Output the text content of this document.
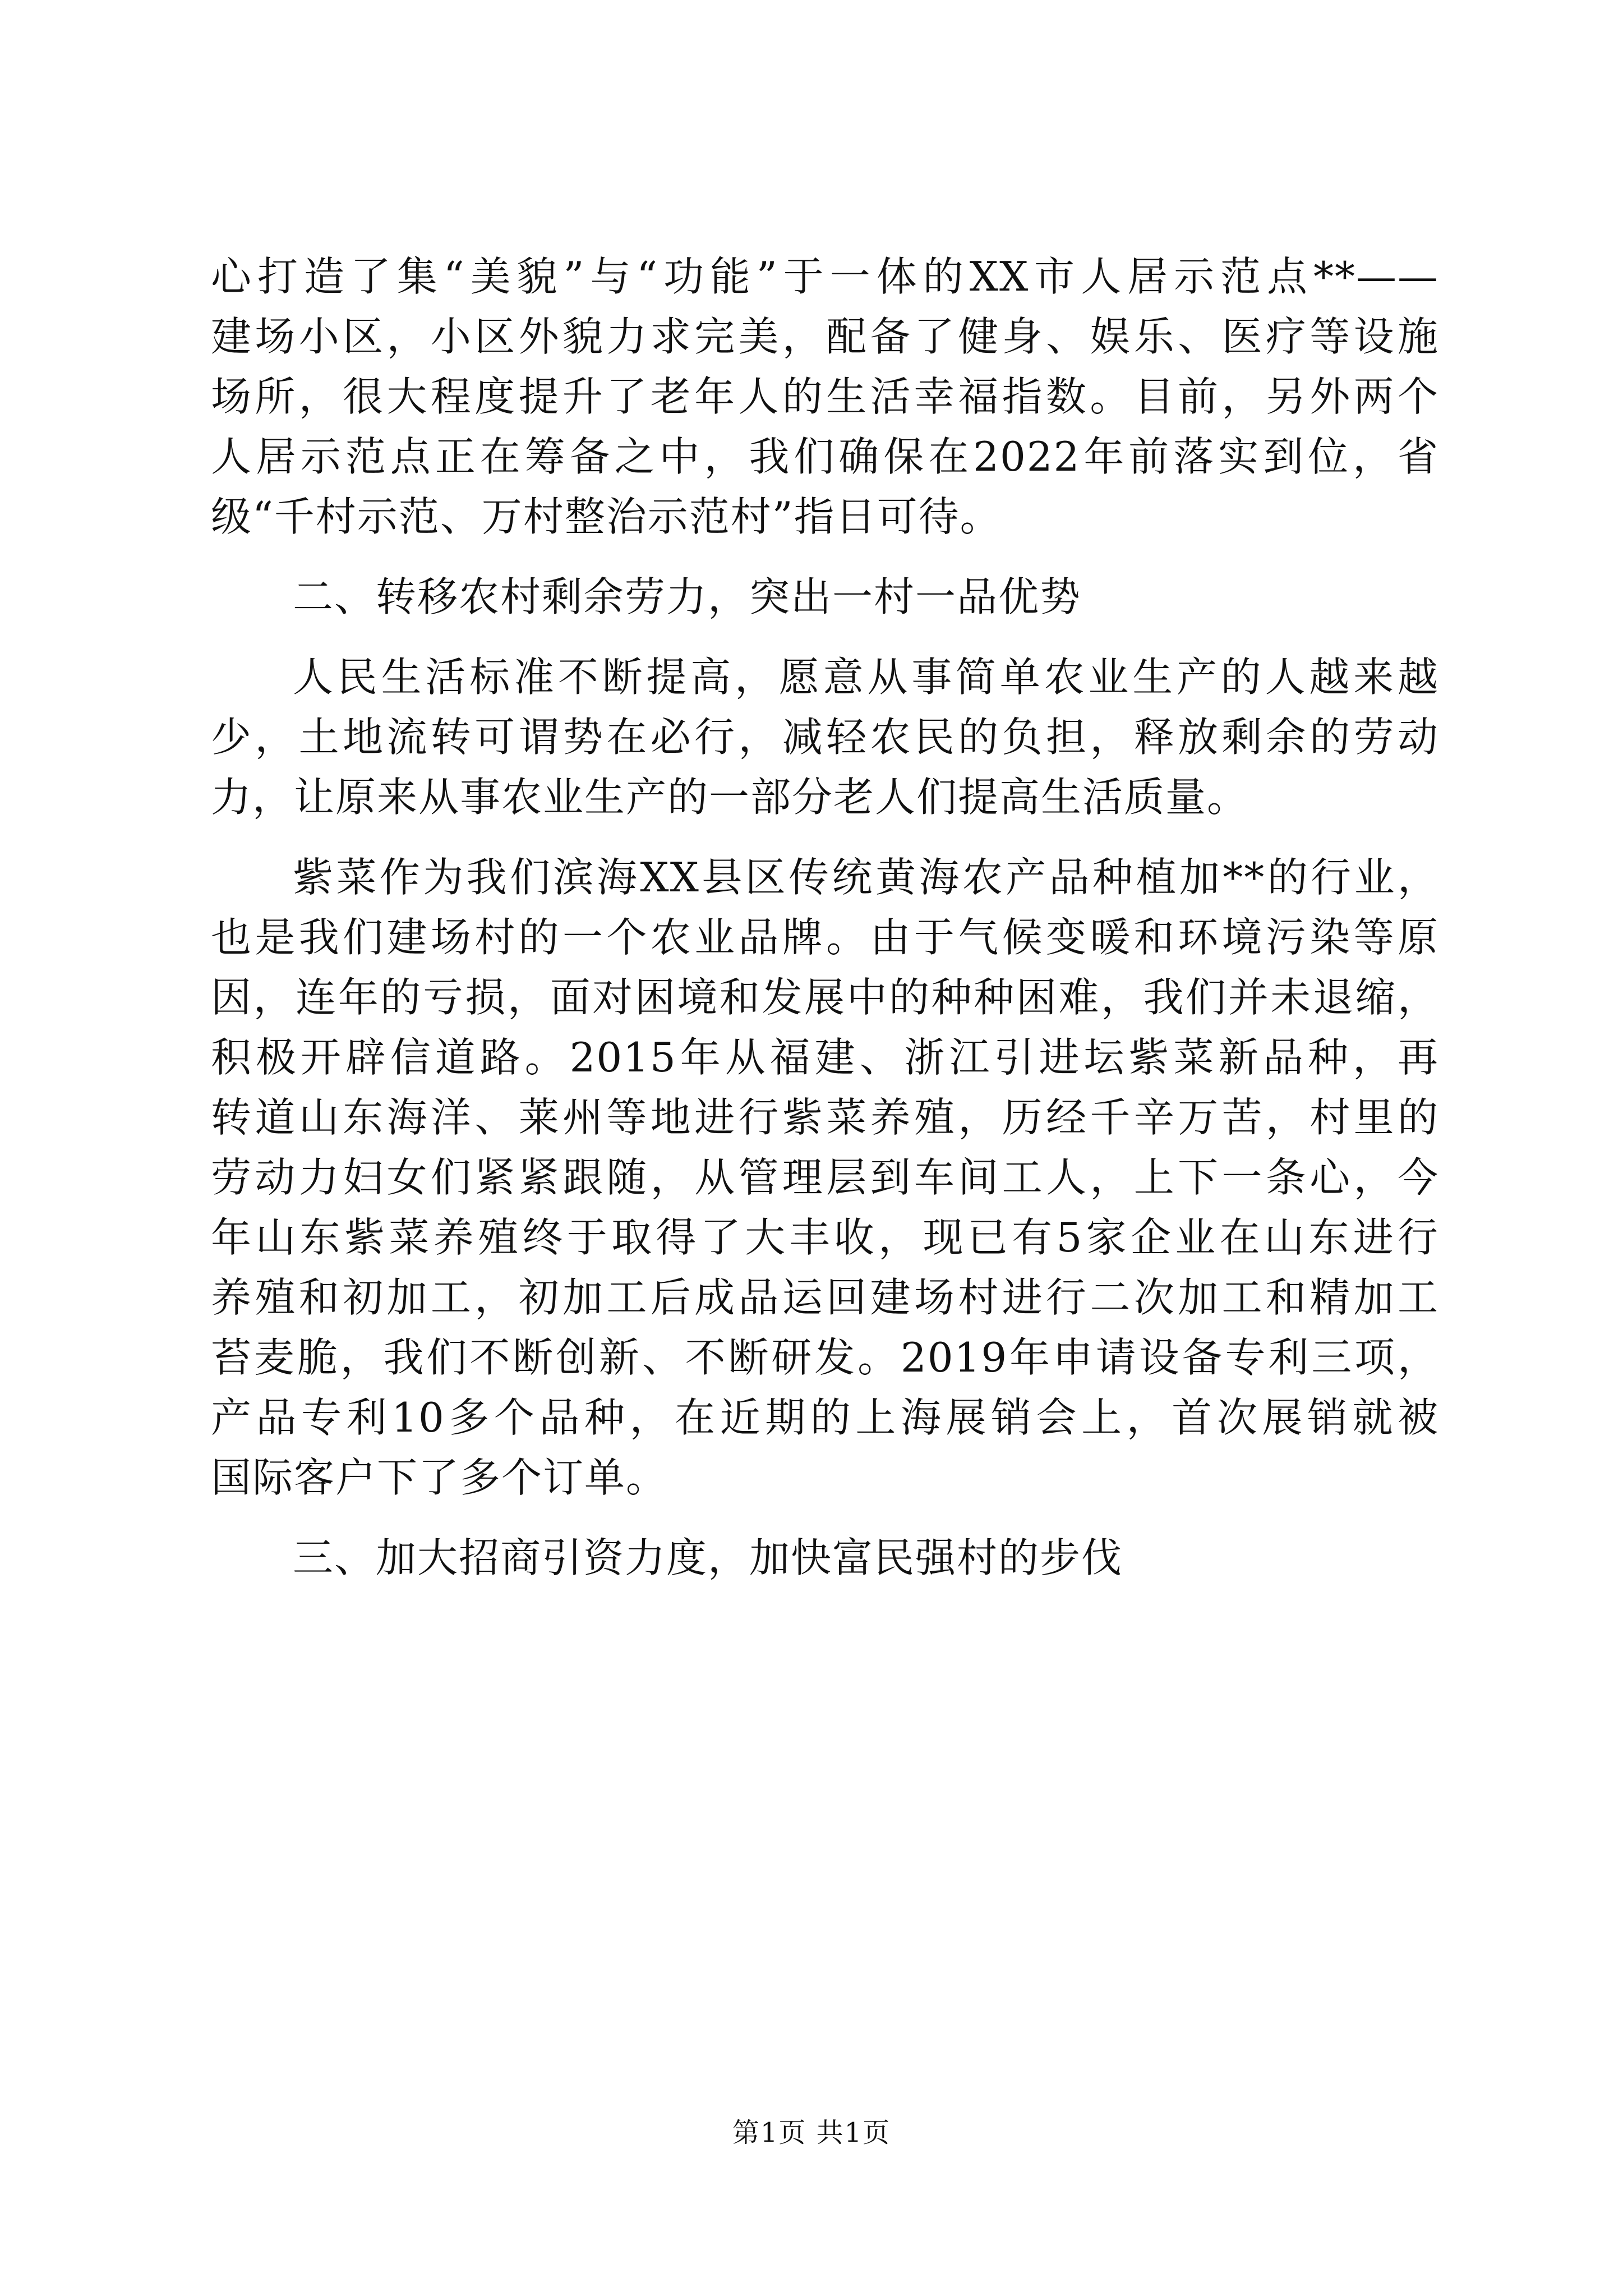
心打造了集“美貌”与“功能”于一体的XX市人居示范点**——
建场小区，小区外貌力求完美，配备了健身、娱乐、医疗等设施
场所，很大程度提升了老年人的生活幸福指数。目前，另外两个
人居示范点正在筹备之中，我们确保在2022年前落实到位，省
级“千村示范、万村整治示范村”指日可待。
二、转移农村剩余劳力，突出一村一品优势
人民生活标准不断提高，愿意从事简单农业生产的人越来越
少，土地流转可谓势在必行，减轻农民的负担，释放剩余的劳动
力，让原来从事农业生产的一部分老人们提高生活质量。
紫菜作为我们滨海XX县区传统黄海农产品种植加**的行业，
也是我们建场村的一个农业品牌。由于气候变暖和环境污染等原
因，连年的亏损，面对困境和发展中的种种困难，我们并未退缩，
积极开辟信道路。2015年从福建、浙江引进坛紫菜新品种，再
转道山东海洋、莱州等地进行紫菜养殖，历经千辛万苦，村里的
劳动力妇女们紧紧跟随，从管理层到车间工人，上下一条心，今
年山东紫菜养殖终于取得了大丰收，现已有5家企业在山东进行
养殖和初加工，初加工后成品运回建场村进行二次加工和精加工
苔麦脆，我们不断创新、不断研发。2019年申请设备专利三项，
产品专利10多个品种，在近期的上海展销会上，首次展销就被
国际客户下了多个订单。
三、加大招商引资力度，加快富民强村的步伐
第1页 共1页
